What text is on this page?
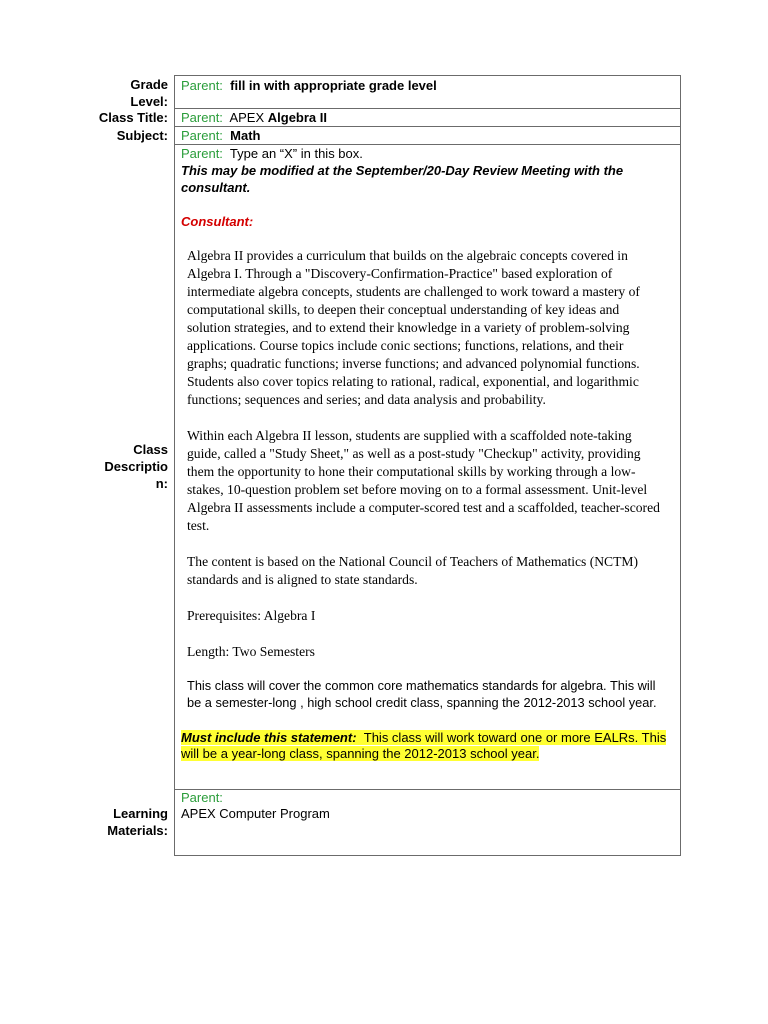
Grade
Level:
Class Title:
Subject:
Class
Descriptio
n:
Learning
Materials:
Parent: fill in with appropriate grade level
Parent: APEX Algebra II
Parent: Math
Parent: Type an “X” in this box.
This may be modified at the September/20-Day Review Meeting with the consultant.
Consultant:

Algebra II provides a curriculum that builds on the algebraic concepts covered in Algebra I. Through a "Discovery-Confirmation-Practice" based exploration of intermediate algebra concepts, students are challenged to work toward a mastery of computational skills, to deepen their conceptual understanding of key ideas and solution strategies, and to extend their knowledge in a variety of problem-solving applications. Course topics include conic sections; functions, relations, and their graphs; quadratic functions; inverse functions; and advanced polynomial functions. Students also cover topics relating to rational, radical, exponential, and logarithmic functions; sequences and series; and data analysis and probability.

Within each Algebra II lesson, students are supplied with a scaffolded note-taking guide, called a "Study Sheet," as well as a post-study "Checkup" activity, providing them the opportunity to hone their computational skills by working through a low-stakes, 10-question problem set before moving on to a formal assessment. Unit-level Algebra II assessments include a computer-scored test and a scaffolded, teacher-scored test.

The content is based on the National Council of Teachers of Mathematics (NCTM) standards and is aligned to state standards.

Prerequisites: Algebra I

Length: Two Semesters

This class will cover the common core mathematics standards for algebra. This will be a semester-long , high school credit class, spanning the 2012-2013 school year.

Must include this statement: This class will work toward one or more EALRs. This will be a year-long class, spanning the 2012-2013 school year.
Parent:
APEX Computer Program
